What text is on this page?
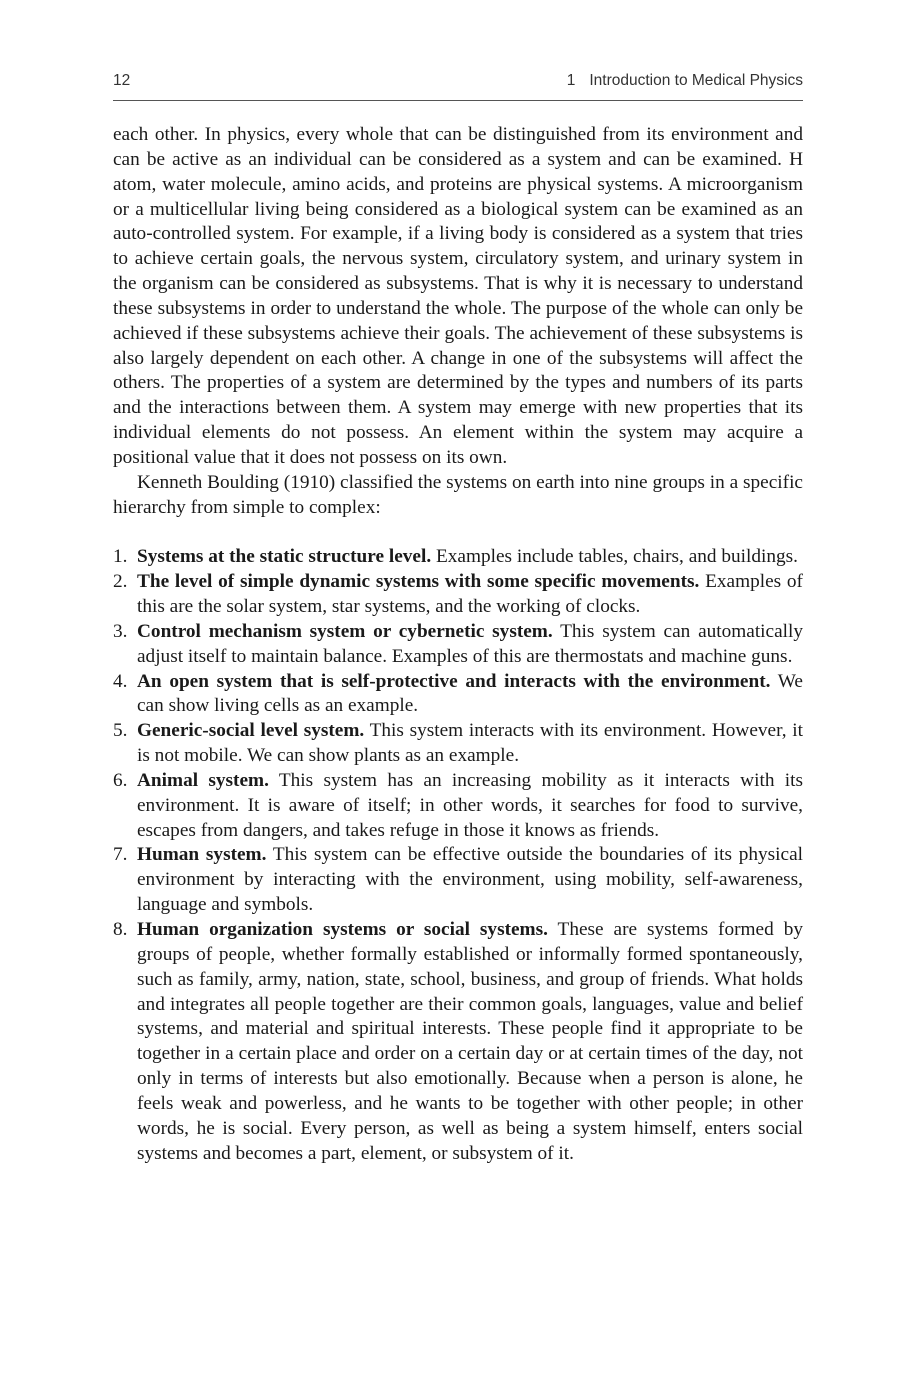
12	1 Introduction to Medical Physics

each other. In physics, every whole that can be distinguished from its environment and can be active as an individual can be considered as a system and can be examined. H atom, water molecule, amino acids, and proteins are physical systems. A microorganism or a multicellular living being considered as a biological system can be examined as an auto-controlled system. For example, if a living body is considered as a system that tries to achieve certain goals, the nervous system, circulatory system, and urinary system in the organism can be considered as subsystems. That is why it is necessary to understand these subsystems in order to understand the whole. The purpose of the whole can only be achieved if these subsystems achieve their goals. The achievement of these subsystems is also largely dependent on each other. A change in one of the subsystems will affect the others. The properties of a system are determined by the types and numbers of its parts and the interactions between them. A system may emerge with new properties that its individual elements do not possess. An element within the system may acquire a positional value that it does not possess on its own.

Kenneth Boulding (1910) classified the systems on earth into nine groups in a specific hierarchy from simple to complex:

1. Systems at the static structure level. Examples include tables, chairs, and buildings.
2. The level of simple dynamic systems with some specific movements. Examples of this are the solar system, star systems, and the working of clocks.
3. Control mechanism system or cybernetic system. This system can automatically adjust itself to maintain balance. Examples of this are thermostats and machine guns.
4. An open system that is self-protective and interacts with the environment. We can show living cells as an example.
5. Generic-social level system. This system interacts with its environment. However, it is not mobile. We can show plants as an example.
6. Animal system. This system has an increasing mobility as it interacts with its environment. It is aware of itself; in other words, it searches for food to survive, escapes from dangers, and takes refuge in those it knows as friends.
7. Human system. This system can be effective outside the boundaries of its physical environment by interacting with the environment, using mobility, self-awareness, language and symbols.
8. Human organization systems or social systems. These are systems formed by groups of people, whether formally established or informally formed spontaneously, such as family, army, nation, state, school, business, and group of friends. What holds and integrates all people together are their common goals, languages, value and belief systems, and material and spiritual interests. These people find it appropriate to be together in a certain place and order on a certain day or at certain times of the day, not only in terms of interests but also emotionally. Because when a person is alone, he feels weak and powerless, and he wants to be together with other people; in other words, he is social. Every person, as well as being a system himself, enters social systems and becomes a part, element, or subsystem of it.
